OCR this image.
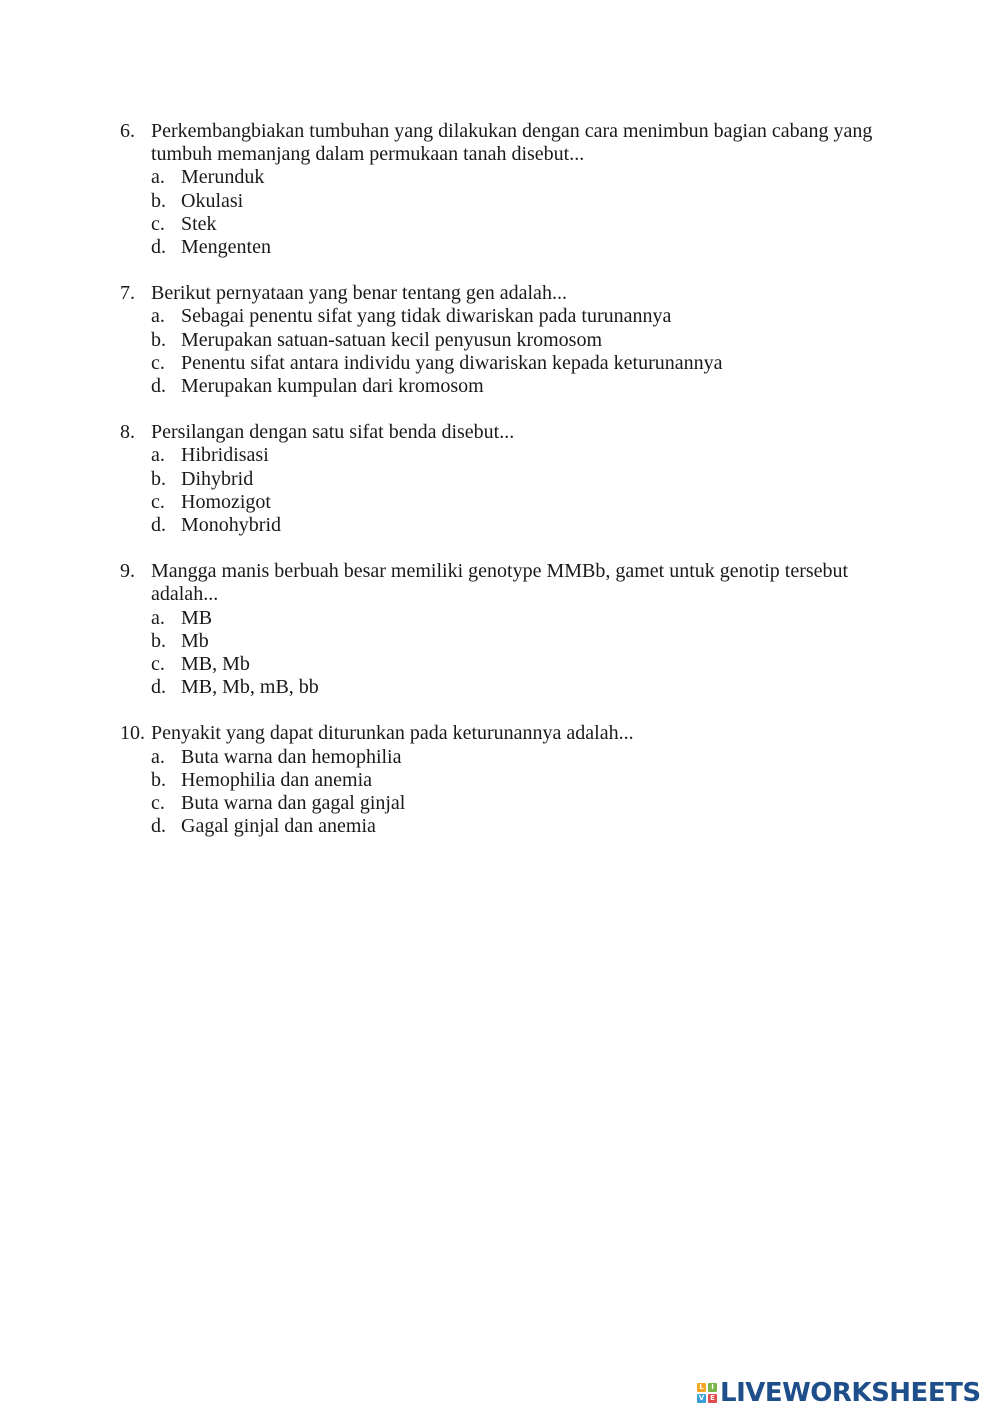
6. Perkembangbiakan tumbuhan yang dilakukan dengan cara menimbun bagian cabang yang tumbuh memanjang dalam permukaan tanah disebut...
a. Merunduk
b. Okulasi
c. Stek
d. Mengenten
7. Berikut pernyataan yang benar tentang gen adalah...
a. Sebagai penentu sifat yang tidak diwariskan pada turunannya
b. Merupakan satuan-satuan kecil penyusun kromosom
c. Penentu sifat antara individu yang diwariskan kepada keturunannya
d. Merupakan kumpulan dari kromosom
8. Persilangan dengan satu sifat benda disebut...
a. Hibridisasi
b. Dihybrid
c. Homozigot
d. Monohybrid
9. Mangga manis berbuah besar memiliki genotype MMBb, gamet untuk genotip tersebut adalah...
a. MB
b. Mb
c. MB, Mb
d. MB, Mb, mB, bb
10. Penyakit yang dapat diturunkan pada keturunannya adalah...
a. Buta warna dan hemophilia
b. Hemophilia dan anemia
c. Buta warna dan gagal ginjal
d. Gagal ginjal dan anemia
L	I
V E LIVEWORKSHEETS
